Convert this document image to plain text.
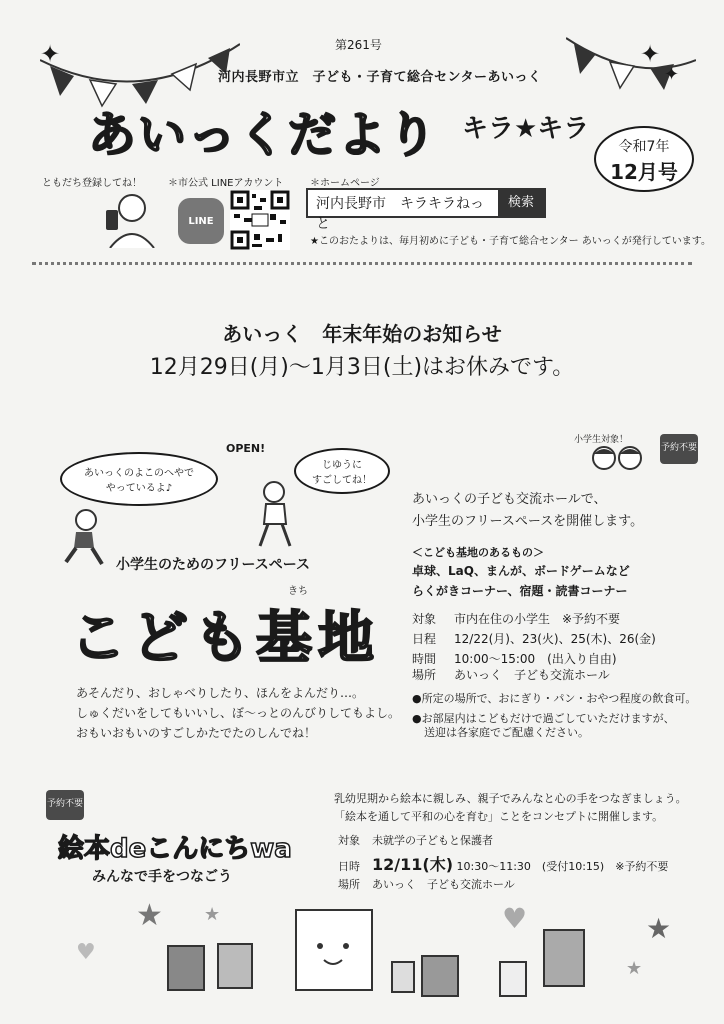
✦	✦
✦
第261号
河内長野市立　子ども・子育て総合センターあいっく
あいっくだより キラ★キラ
令和7年
12月号
ともだち登録してね！	＊市公式 LINEアカウント
LINE
＊ホームページ
河内長野市　キラキラねっと
検索
★このおたよりは、毎月初めに子ども・子育て総合センター あいっくが発行しています。
あいっく　年末年始のお知らせ
12月29日(月)～1月3日(土)はお休みです。
OPEN!
あいっくのよこのへやで
やっているよ♪
じゆうに
すごしてね！
小学生のためのフリースペース
きち
こども基地
あそんだり、おしゃべりしたり、ほんをよんだり…。
しゅくだいをしてもいいし、ぼ～っとのんびりしてもよし。
おもいおもいのすごしかたでたのしんでね！
小学生対象！
予約不要
あいっくの子ども交流ホールで、
小学生のフリースペースを開催します。
＜こども基地のあるもの＞
卓球、LaQ、まんが、ボードゲームなど
らくがきコーナー、宿題・読書コーナー
対象 市内在住の小学生　※予約不要
日程 12/22(月)、23(火)、25(木)、26(金)
時間 10:00～15:00　(出入り自由)
場所 あいっく　子ども交流ホール
●所定の場所で、おにぎり・パン・おやつ程度の飲食可。
●お部屋内はこどもだけで過ごしていただけますが、
送迎は各家庭でご配慮ください。
予約不要
絵本deこんにちwa
みんなで手をつなごう
乳幼児期から絵本に親しみ、親子でみんなと心の手をつなぎましょう。
「絵本を通して平和の心を育む」ことをコンセプトに開催します。
対象 未就学の子どもと保護者
日時 12/11(木) 10:30～11:30　(受付10:15)　※予約不要
場所 あいっく　子ども交流ホール
★ ★	★
★
♥
♥
